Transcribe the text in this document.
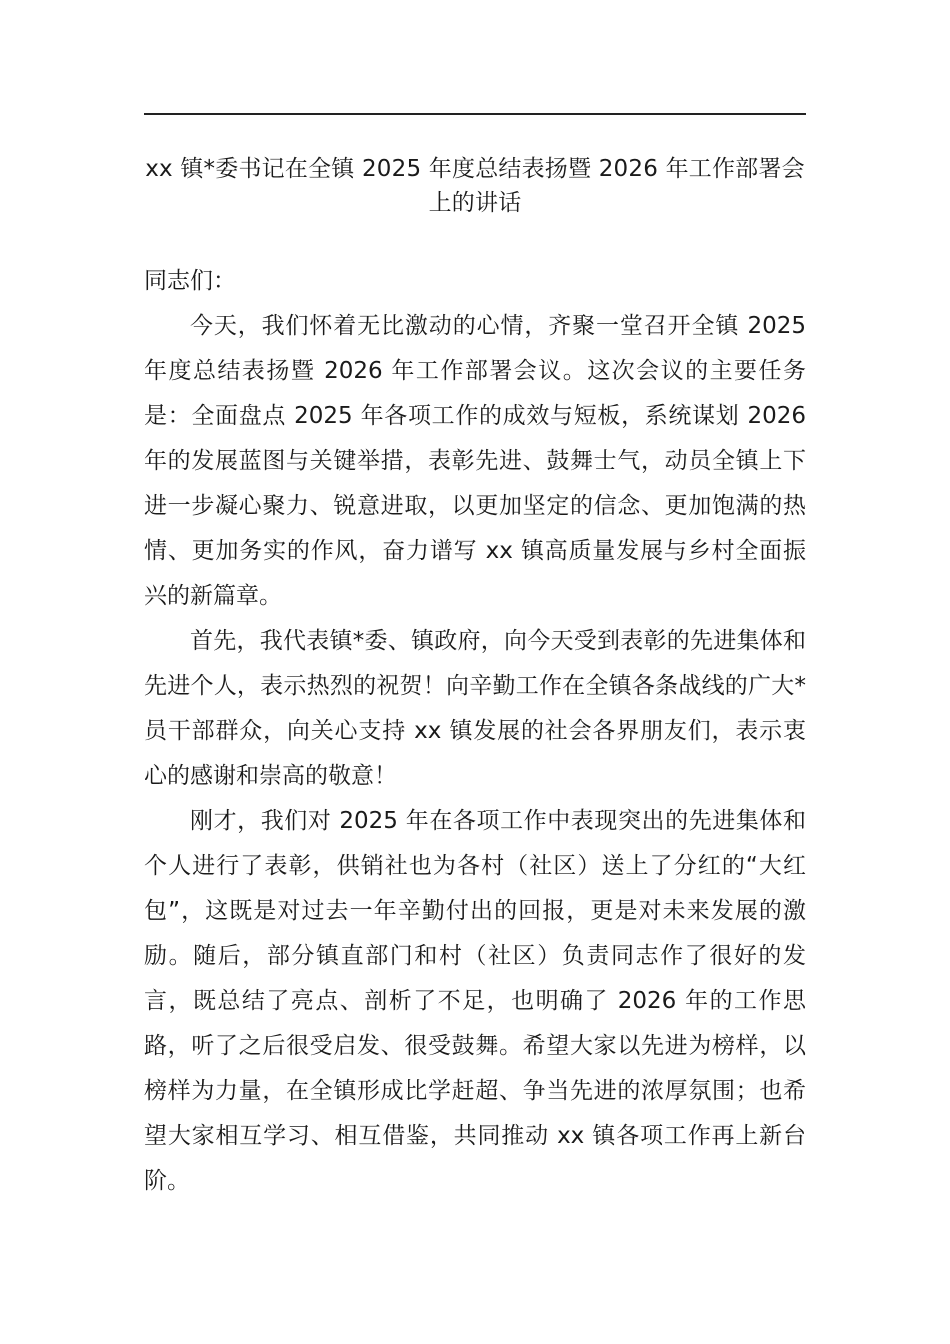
xx 镇*委书记在全镇 2025 年度总结表扬暨 2026 年工作部署会
上的讲话

同志们：

今天，我们怀着无比激动的心情，齐聚一堂召开全镇 2025 年度总结表扬暨 2026 年工作部署会议。这次会议的主要任务是：全面盘点 2025 年各项工作的成效与短板，系统谋划 2026 年的发展蓝图与关键举措，表彰先进、鼓舞士气，动员全镇上下进一步凝心聚力、锐意进取，以更加坚定的信念、更加饱满的热情、更加务实的作风，奋力谱写 xx 镇高质量发展与乡村全面振兴的新篇章。

首先，我代表镇*委、镇政府，向今天受到表彰的先进集体和先进个人，表示热烈的祝贺！向辛勤工作在全镇各条战线的广大*员干部群众，向关心支持 xx 镇发展的社会各界朋友们，表示衷心的感谢和崇高的敬意！

刚才，我们对 2025 年在各项工作中表现突出的先进集体和个人进行了表彰，供销社也为各村（社区）送上了分红的“大红包”，这既是对过去一年辛勤付出的回报，更是对未来发展的激励。随后，部分镇直部门和村（社区）负责同志作了很好的发言，既总结了亮点、剖析了不足，也明确了 2026 年的工作思路，听了之后很受启发、很受鼓舞。希望大家以先进为榜样，以榜样为力量，在全镇形成比学赶超、争当先进的浓厚氛围；也希望大家相互学习、相互借鉴，共同推动 xx 镇各项工作再上新台阶。
